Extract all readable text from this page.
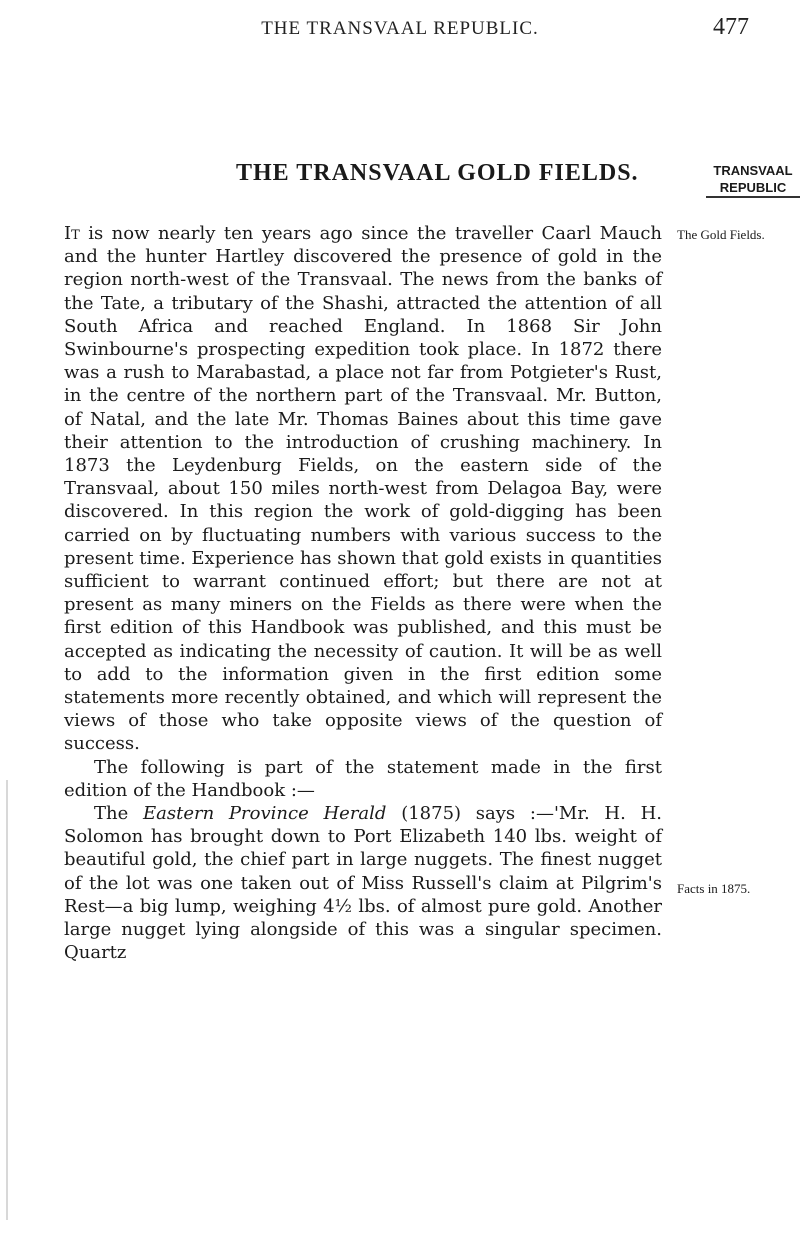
THE TRANSVAAL REPUBLIC.	477
THE TRANSVAAL GOLD FIELDS.	TRANSVAAL REPUBLIC

It is now nearly ten years ago since the traveller Caarl Mauch and the hunter Hartley discovered the presence of gold in the region north-west of the Transvaal. The news from the banks of the Tate, a tributary of the Shashi, attracted the attention of all South Africa and reached England. In 1868 Sir John Swinbourne's prospecting expedition took place. In 1872 there was a rush to Marabastad, a place not far from Potgieter's Rust, in the centre of the northern part of the Transvaal. Mr. Button, of Natal, and the late Mr. Thomas Baines about this time gave their attention to the introduction of crushing machinery. In 1873 the Leydenburg Fields, on the eastern side of the Transvaal, about 150 miles north-west from Delagoa Bay, were discovered. In this region the work of gold-digging has been carried on by fluctuating numbers with various success to the present time. Experience has shown that gold exists in quantities sufficient to warrant continued effort; but there are not at present as many miners on the Fields as there were when the first edition of this Handbook was published, and this must be accepted as indicating the necessity of caution. It will be as well to add to the information given in the first edition some statements more recently obtained, and which will represent the views of those who take opposite views of the question of success.

The following is part of the statement made in the first edition of the Handbook :—

The Eastern Province Herald (1875) says :—'Mr. H. H. Solomon has brought down to Port Elizabeth 140 lbs. weight of beautiful gold, the chief part in large nuggets. The finest nugget of the lot was one taken out of Miss Russell's claim at Pilgrim's Rest—a big lump, weighing 4½ lbs. of almost pure gold. Another large nugget lying alongside of this was a singular specimen. Quartz

The Gold Fields.
Facts in 1875.
